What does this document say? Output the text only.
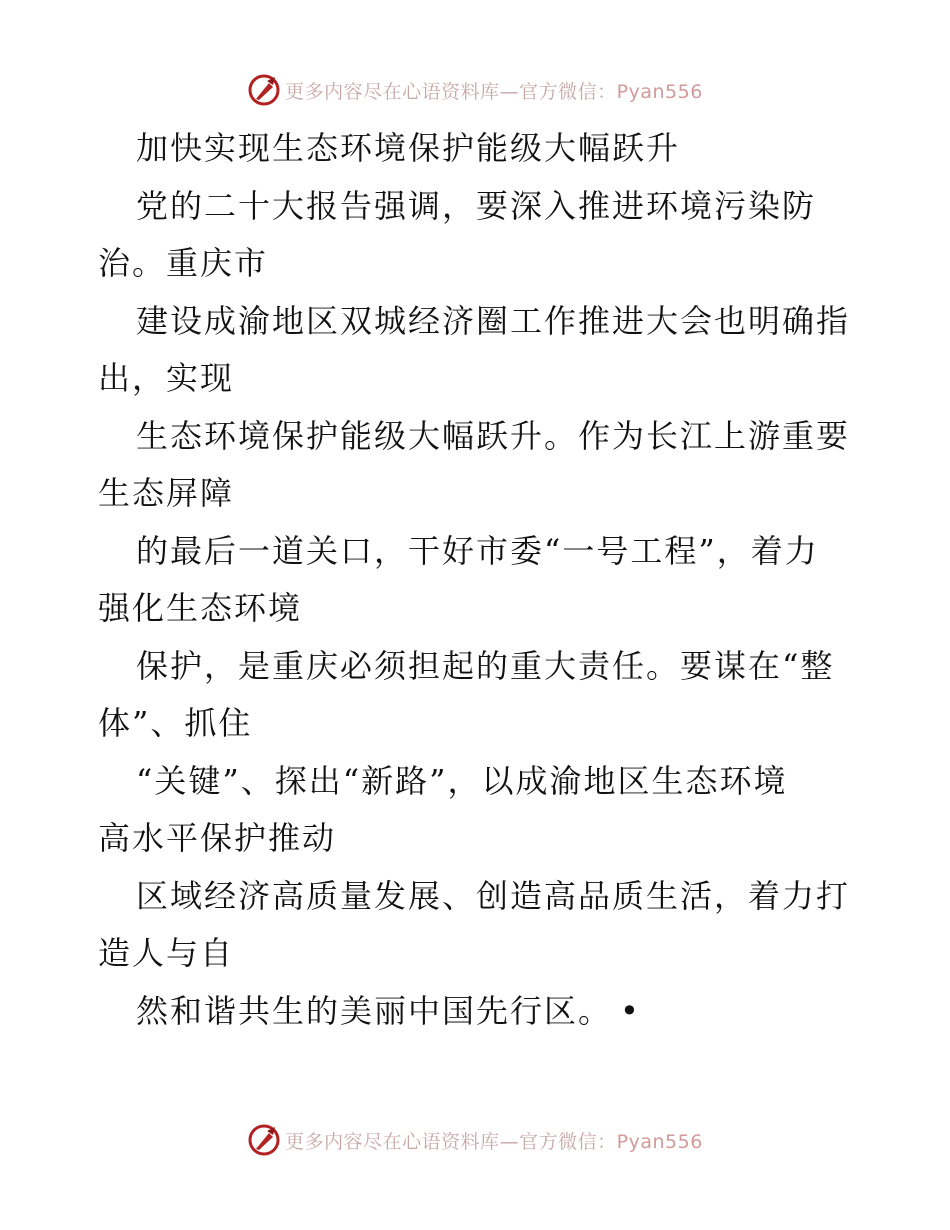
更多内容尽在心语资料库—官方微信：Pyan556
加快实现生态环境保护能级大幅跃升
党的二十大报告强调，要深入推进环境污染防
治。重庆市
建设成渝地区双城经济圈工作推进大会也明确指
出，实现
生态环境保护能级大幅跃升。作为长江上游重要
生态屏障
的最后一道关口，干好市委“一号工程”，着力
强化生态环境
保护，是重庆必须担起的重大责任。要谋在“整
体”、抓住
“关键”、探出“新路”，以成渝地区生态环境
高水平保护推动
区域经济高质量发展、创造高品质生活，着力打
造人与自
然和谐共生的美丽中国先行区。 •
更多内容尽在心语资料库—官方微信：Pyan556
